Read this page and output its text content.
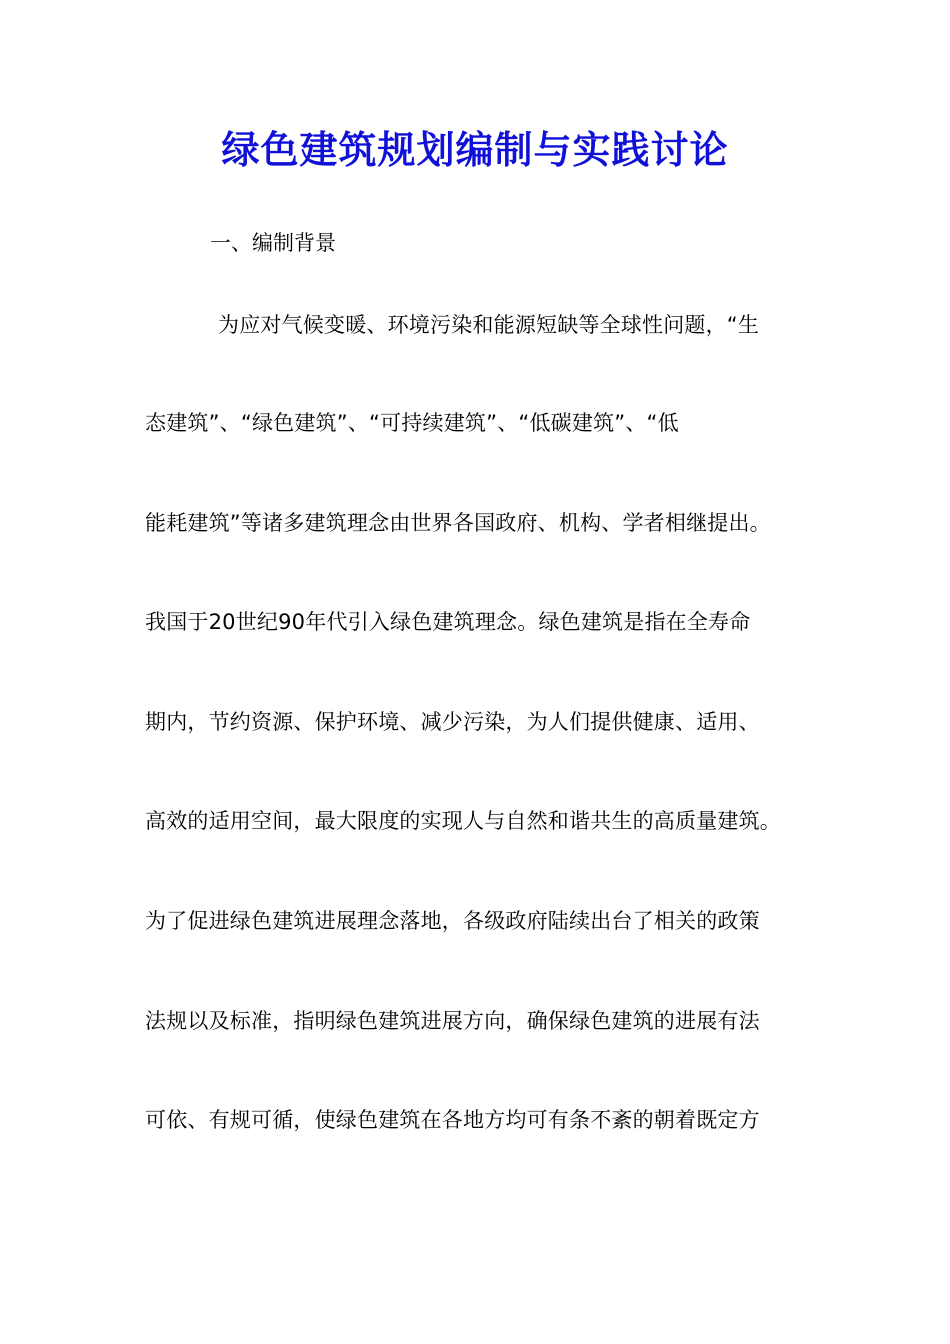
绿色建筑规划编制与实践讨论
一、编制背景
为应对气候变暖、环境污染和能源短缺等全球性问题，“生
态建筑”、“绿色建筑”、“可持续建筑”、“低碳建筑”、“低
能耗建筑”等诸多建筑理念由世界各国政府、机构、学者相继提出。
我国于20世纪90年代引入绿色建筑理念。绿色建筑是指在全寿命
期内，节约资源、保护环境、减少污染，为人们提供健康、适用、
高效的适用空间，最大限度的实现人与自然和谐共生的高质量建筑。
为了促进绿色建筑进展理念落地，各级政府陆续出台了相关的政策
法规以及标准，指明绿色建筑进展方向，确保绿色建筑的进展有法
可依、有规可循，使绿色建筑在各地方均可有条不紊的朝着既定方
